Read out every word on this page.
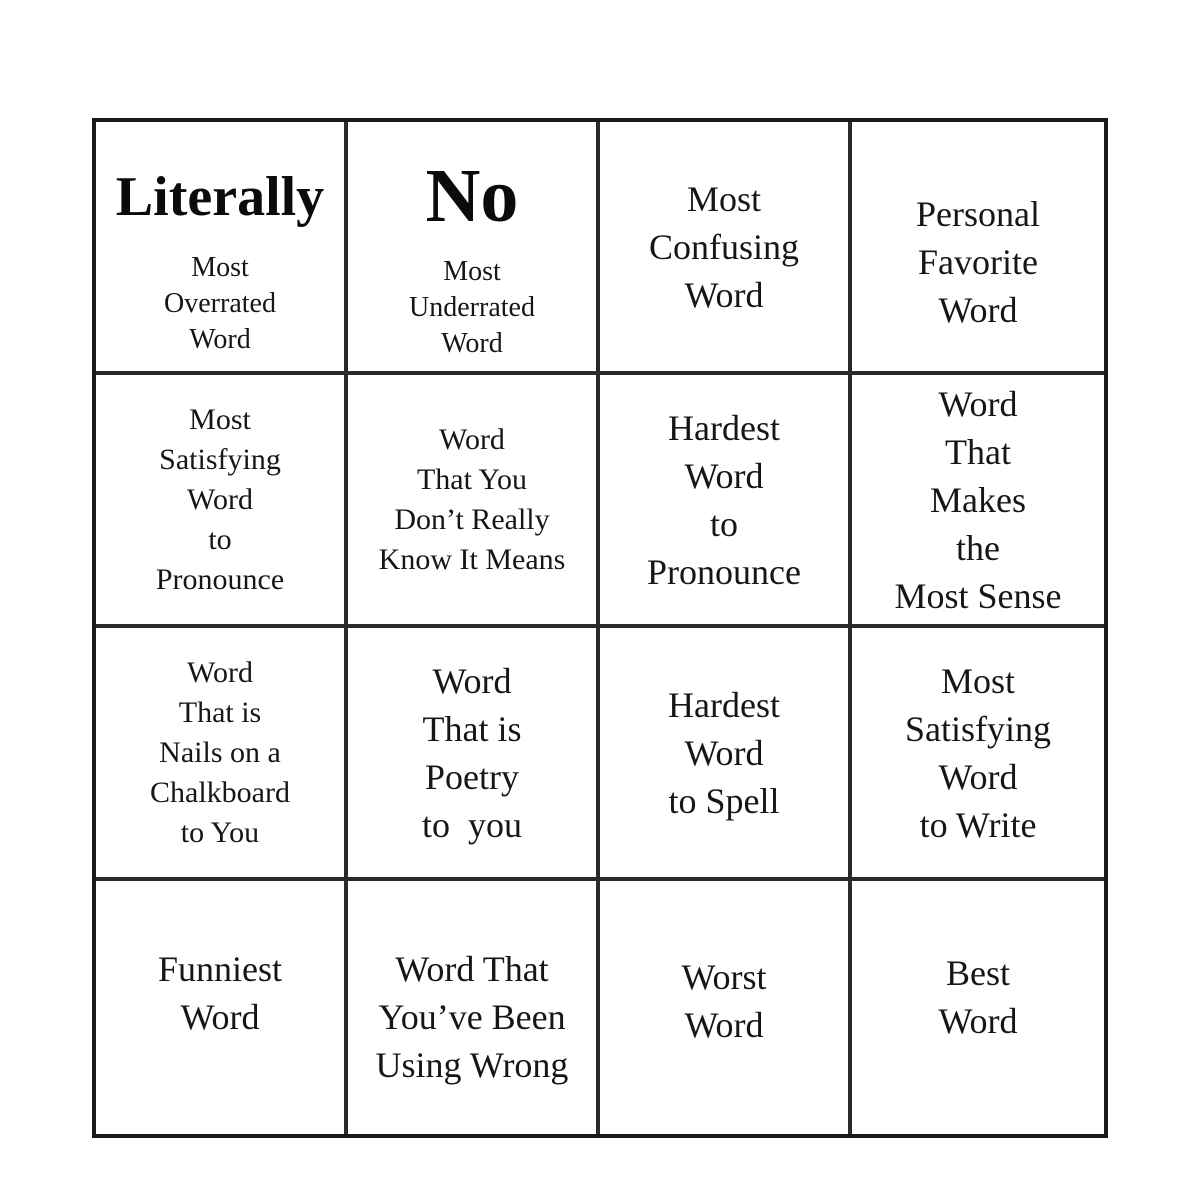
Literally
Most
Overrated
Word
No
Most
Underrated
Word
Most
Confusing
Word
Personal
Favorite
Word
Most
Satisfying
Word
to
Pronounce
Word
That You
Don’t Really
Know It Means
Hardest
Word
to
Pronounce
Word
That
Makes
the
Most Sense
Word
That is
Nails on a
Chalkboard
to You
Word
That is
Poetry
to  you
Hardest
Word
to Spell
Most
Satisfying
Word
to Write
Funniest
Word
Word That
You’ve Been
Using Wrong
Worst
Word
Best
Word
